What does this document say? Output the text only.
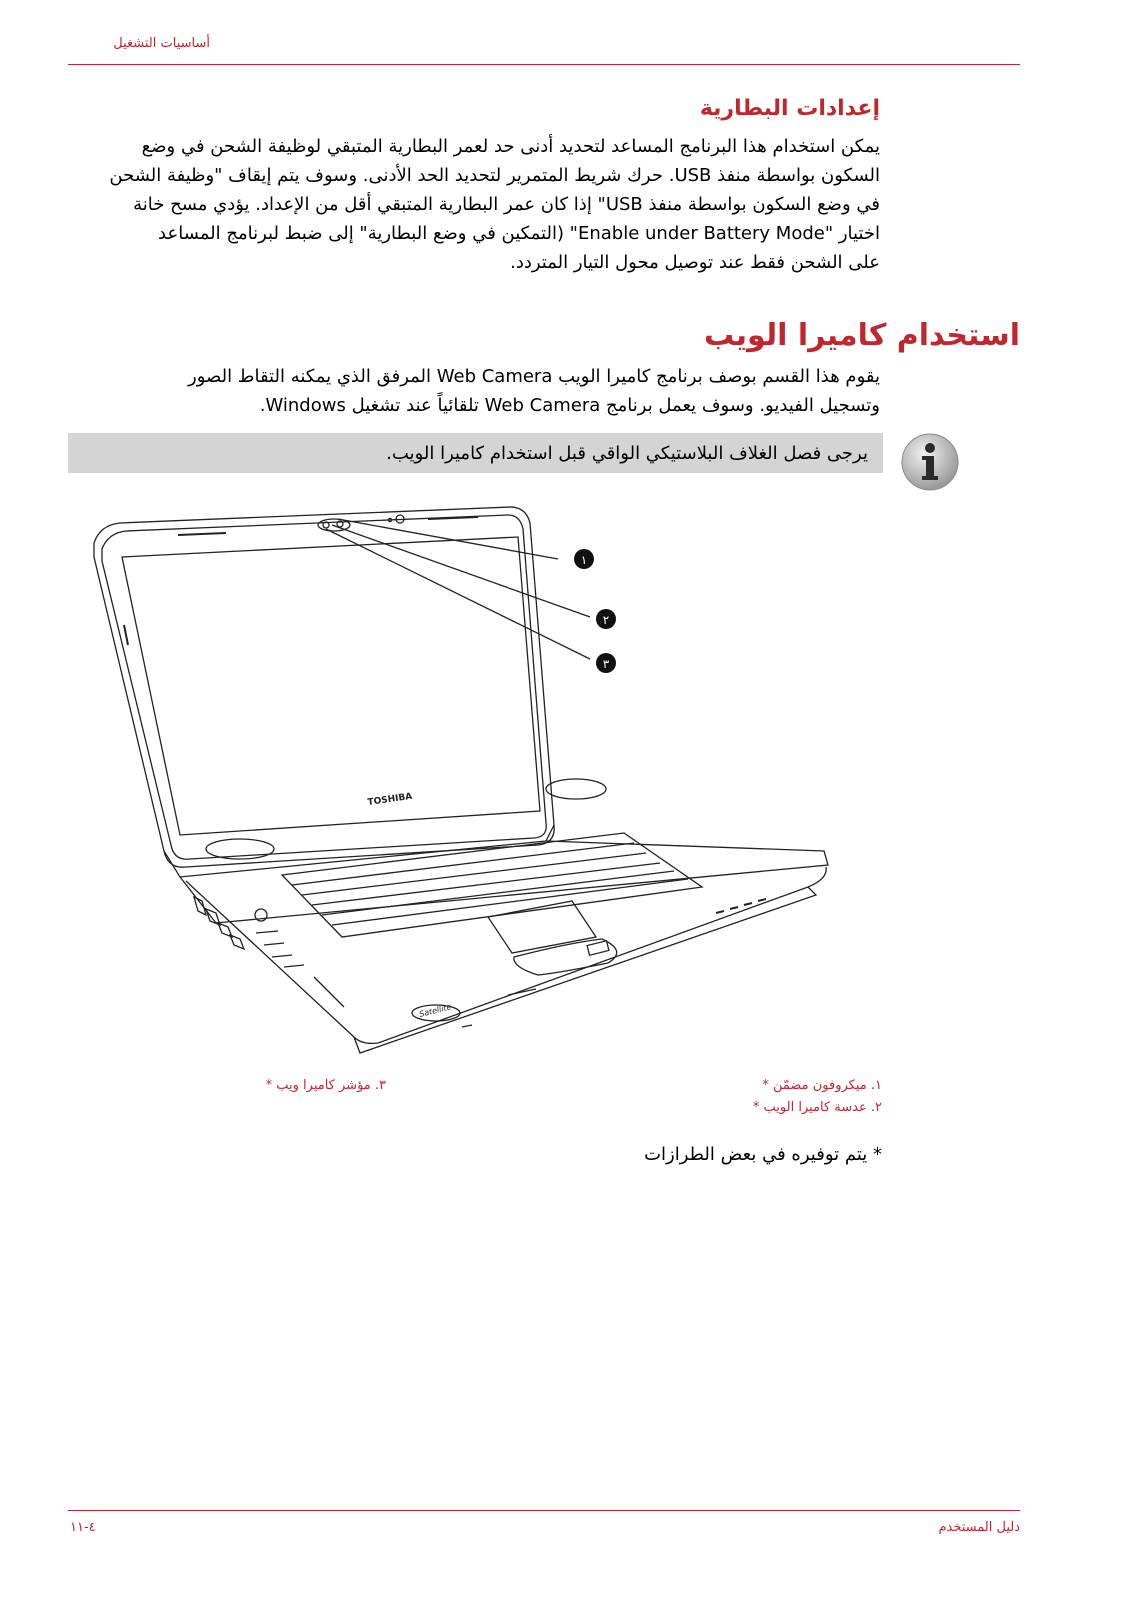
أساسيات التشغيل
إعدادات البطارية
يمكن استخدام هذا البرنامج المساعد لتحديد أدنى حد لعمر البطارية المتبقي لوظيفة الشحن في وضع
السكون بواسطة منفذ USB. حرك شريط المتمرير لتحديد الحد الأدنى. وسوف يتم إيقاف "وظيفة الشحن
في وضع السكون بواسطة منفذ USB" إذا كان عمر البطارية المتبقي أقل من الإعداد. يؤدي مسح خانة
اختيار "Enable under Battery Mode" (التمكين في وضع البطارية" إلى ضبط لبرنامج المساعد
على الشحن فقط عند توصيل محول التيار المتردد.
استخدام كاميرا الويب
يقوم هذا القسم بوصف برنامج كاميرا الويب Web Camera المرفق الذي يمكنه التقاط الصور
وتسجيل الفيديو. وسوف يعمل برنامج Web Camera تلقائياً عند تشغيل Windows.
يرجى فصل الغلاف البلاستيكي الواقي قبل استخدام كاميرا الويب.
TOSHIBA
Satellite
١
٢
٣
١. ميكروفون مضمّن *
٢. عدسة كاميرا الويب *
٣. مؤشر كاميرا ويب *
* يتم توفيره في بعض الطرازات
دليل المستخدم
٤-١١
